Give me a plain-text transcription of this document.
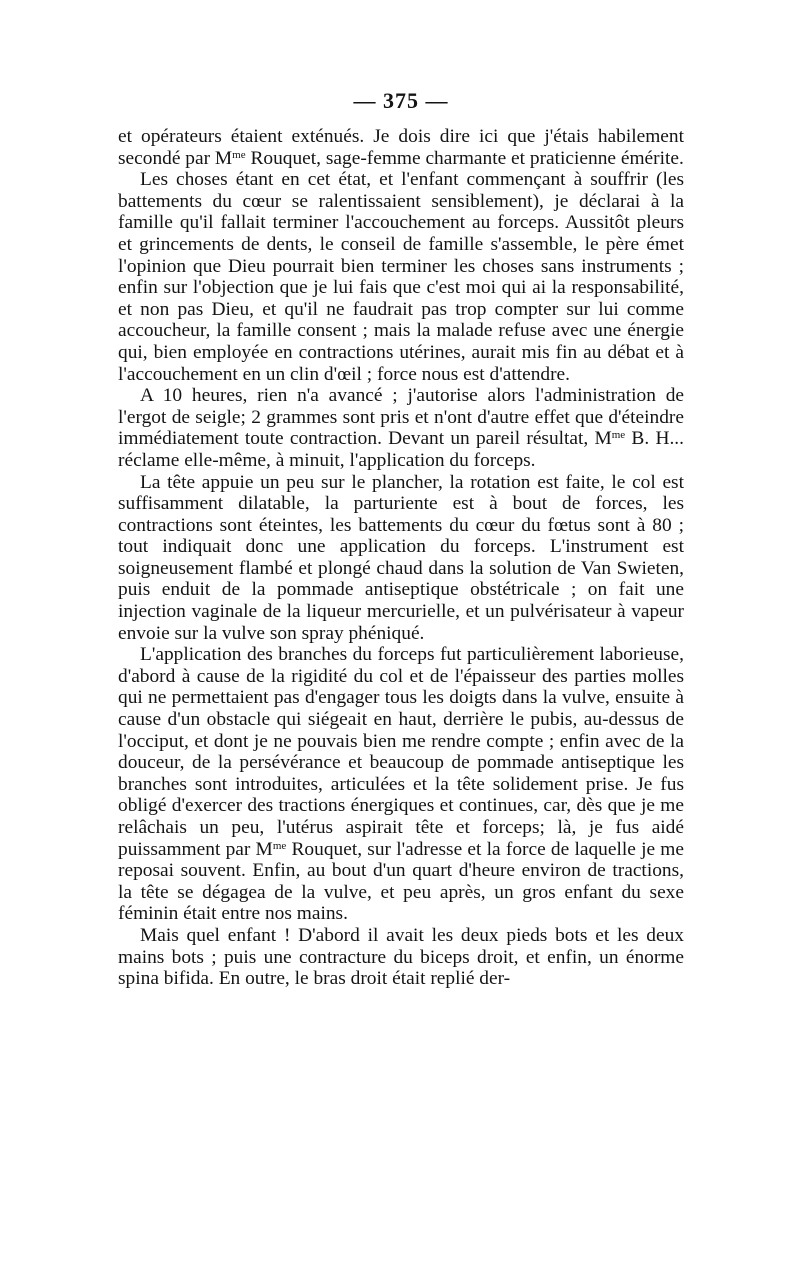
— 375 —

et opérateurs étaient exténués. Je dois dire ici que j'étais habilement secondé par $M^{me}$ Rouquet, sage-femme charmante et praticienne émérite.

Les choses étant en cet état, et l'enfant commençant à souffrir (les battements du cœur se ralentissaient sensiblement), je déclarai à la famille qu'il fallait terminer l'accouchement au forceps. Aussitôt pleurs et grincements de dents, le conseil de famille s'assemble, le père émet l'opinion que Dieu pourrait bien terminer les choses sans instruments ; enfin sur l'objection que je lui fais que c'est moi qui ai la responsabilité, et non pas Dieu, et qu'il ne faudrait pas trop compter sur lui comme accoucheur, la famille consent ; mais la malade refuse avec une énergie qui, bien employée en contractions utérines, aurait mis fin au débat et à l'accouchement en un clin d'œil ; force nous est d'attendre.

A 10 heures, rien n'a avancé ; j'autorise alors l'administration de l'ergot de seigle; 2 grammes sont pris et n'ont d'autre effet que d'éteindre immédiatement toute contraction. Devant un pareil résultat, $M^{me}$ B. H... réclame elle-même, à minuit, l'application du forceps.

La tête appuie un peu sur le plancher, la rotation est faite, le col est suffisamment dilatable, la parturiente est à bout de forces, les contractions sont éteintes, les battements du cœur du fœtus sont à 80 ; tout indiquait donc une application du forceps. L'instrument est soigneusement flambé et plongé chaud dans la solution de Van Swieten, puis enduit de la pommade antiseptique obstétricale ; on fait une injection vaginale de la liqueur mercurielle, et un pulvérisateur à vapeur envoie sur la vulve son spray phéniqué.

L'application des branches du forceps fut particulièrement laborieuse, d'abord à cause de la rigidité du col et de l'épaisseur des parties molles qui ne permettaient pas d'engager tous les doigts dans la vulve, ensuite à cause d'un obstacle qui siégeait en haut, derrière le pubis, au-dessus de l'occiput, et dont je ne pouvais bien me rendre compte ; enfin avec de la douceur, de la persévérance et beaucoup de pommade antiseptique les branches sont introduites, articulées et la tête solidement prise. Je fus obligé d'exercer des tractions énergiques et continues, car, dès que je me relâchais un peu, l'utérus aspirait tête et forceps; là, je fus aidé puissamment par $M^{me}$ Rouquet, sur l'adresse et la force de laquelle je me reposai souvent. Enfin, au bout d'un quart d'heure environ de tractions, la tête se dégagea de la vulve, et peu après, un gros enfant du sexe féminin était entre nos mains.

Mais quel enfant ! D'abord il avait les deux pieds bots et les deux mains bots ; puis une contracture du biceps droit, et enfin, un énorme spina bifida. En outre, le bras droit était replié der-
